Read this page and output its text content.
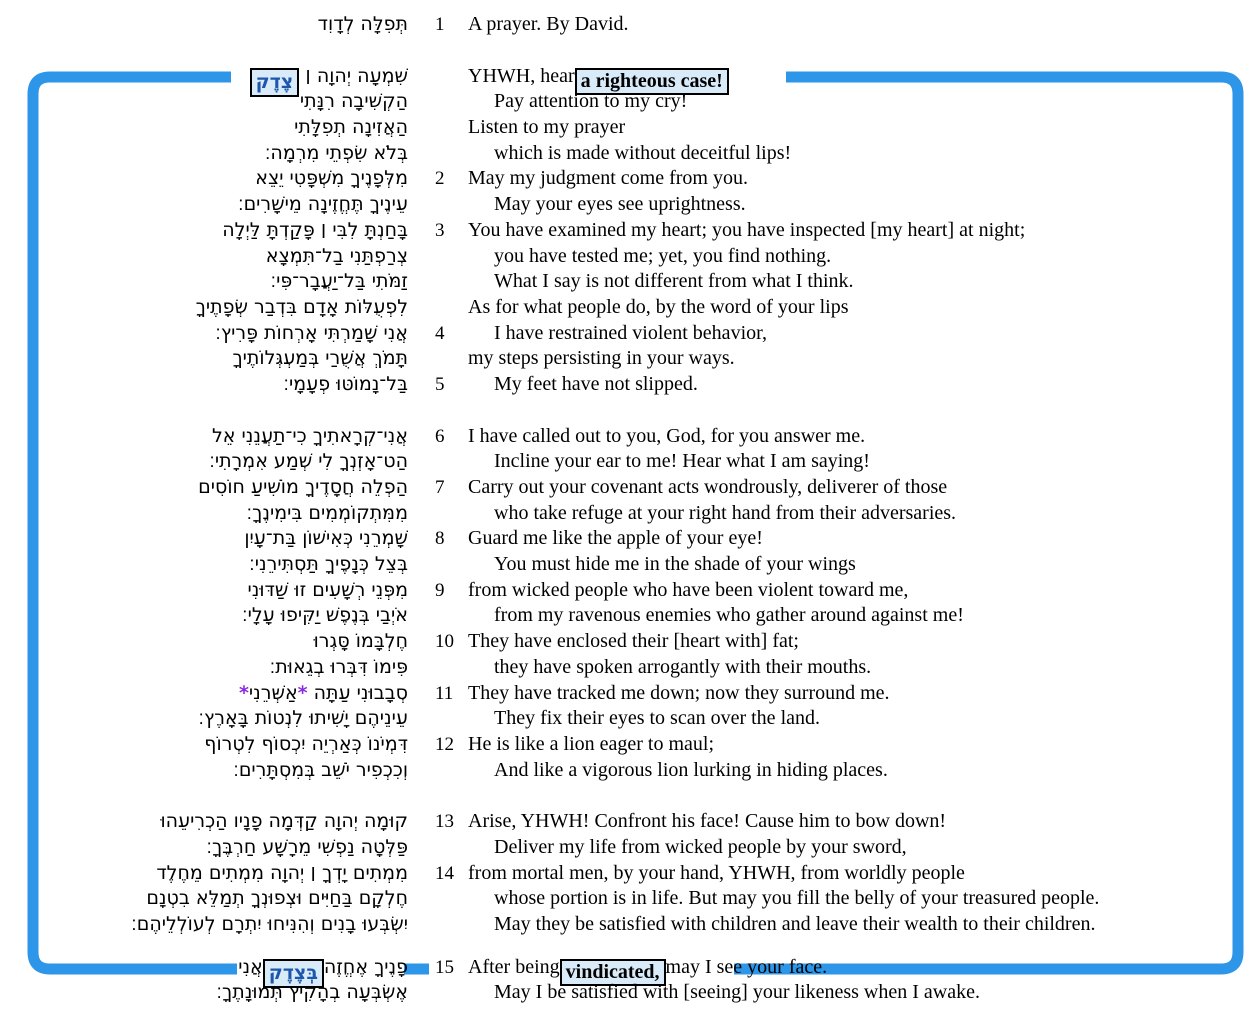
תְּפִלָּה לְדָוִד	1	A prayer. By David.
שִׁמְעָה יְהוָה ׀ צֶדֶק	YHWH, hear a righteous case!
הַקְשִׁיבָה רִנָּתִי	Pay attention to my cry!
הַאֲזִינָה תְפִלָּתִי	Listen to my prayer
בְּלֹא שִׂפְתֵי מִרְמָה׃	which is made without deceitful lips!
מִלְּפָנֶיךָ מִשְׁפָּטִי יֵצֵא	2	May my judgment come from you.
עֵינֶיךָ תֶּחֱזֶינָה מֵישָׁרִים׃	May your eyes see uprightness.
בָּחַנְתָּ לִבִּי ׀ פָּקַדְתָּ לַּיְלָה	3	You have examined my heart; you have inspected [my heart] at night;
צְרַפְתַּנִי בַל־תִּמְצָא	you have tested me; yet, you find nothing.
זַמֹּתִי בַּל־יַעֲבָר־פִּי׃	What I say is not different from what I think.
לִפְעֻלּוֹת אָדָם בִּדְבַר שְׂפָתֶיךָ	As for what people do, by the word of your lips
אֲנִי שָׁמַרְתִּי אָרְחוֹת פָּרִיץ׃	4	I have restrained violent behavior,
תָּמֹךְ אֲשֻׁרַי בְּמַעְגְּלוֹתֶיךָ	my steps persisting in your ways.
בַּל־נָמוֹטּוּ פְעָמָי׃	5	My feet have not slipped.
אֲנִי־קְרָאתִיךָ כִי־תַעֲנֵנִי אֵל	6	I have called out to you, God, for you answer me.
הַט־אָזְנְךָ לִי שְׁמַע אִמְרָתִי׃	Incline your ear to me! Hear what I am saying!
הַפְלֵה חֲסָדֶיךָ מוֹשִׁיעַ חוֹסִים	7	Carry out your covenant acts wondrously, deliverer of those
מִמִּתְקוֹמְמִים בִּימִינֶךָ׃	who take refuge at your right hand from their adversaries.
שָׁמְרֵנִי כְּאִישׁוֹן בַּת־עָיִן	8	Guard me like the apple of your eye!
בְּצֵל כְּנָפֶיךָ תַּסְתִּירֵנִי׃	You must hide me in the shade of your wings
מִפְּנֵי רְשָׁעִים זוּ שַׁדּוּנִי	9	from wicked people who have been violent toward me,
אֹיְבַי בְּנֶפֶשׁ יַקִּיפוּ עָלָי׃	from my ravenous enemies who gather around against me!
חֶלְבָּמוֹ סָּגְרוּ	10 They have enclosed their [heart with] fat;
פִּימוֹ דִּבְּרוּ בְגֵאוּת׃	they have spoken arrogantly with their mouths.
סְבָבוּנִי עַתָּה *אַשְּׁרֵנִי*	11 They have tracked me down; now they surround me.
עֵינֵיהֶם יָשִׁיתוּ לִנְטוֹת בָּאָרֶץ׃	They fix their eyes to scan over the land.
דִּמְיֹנוֹ כְּאַרְיֵה יִכְסוֹף לִטְרוֹף	12 He is like a lion eager to maul;
וְכִכְפִיר יֹשֵׁב בְּמִסְתָּרִים׃	And like a vigorous lion lurking in hiding places.
קוּמָה יְהוָה קַדְּמָה פָנָיו הַכְרִיעֵהוּ	13 Arise, YHWH! Confront his face! Cause him to bow down!
פַּלְּטָה נַפְשִׁי מֵרָשָׁע חַרְבֶּךָ׃	Deliver my life from wicked people by your sword,
מִמְתִים יָדְךָ ׀ יְהוָה מִמְתִים מֵחֶלֶד	14 from mortal men, by your hand, YHWH, from worldly people
חֶלְקָם בַּחַיִּים וּצְפוּנְךָ תְמַלֵּא בִטְנָם	whose portion is in life. But may you fill the belly of your treasured people.
יִשְׂבְּעוּ בָנִים וְהִנִּיחוּ יִתְרָם לְעוֹלְלֵיהֶם׃	May they be satisfied with children and leave their wealth to their children.
פָנֶיךָ אֶחֱזֶהבְּצֶדֶקאֲנִי	15 After being vindicated, may I see your face.
אֶשְׂבְּעָה בְהָקִיץ תְּמוּנָתֶךָ׃	May I be satisfied with [seeing] your likeness when I awake.
